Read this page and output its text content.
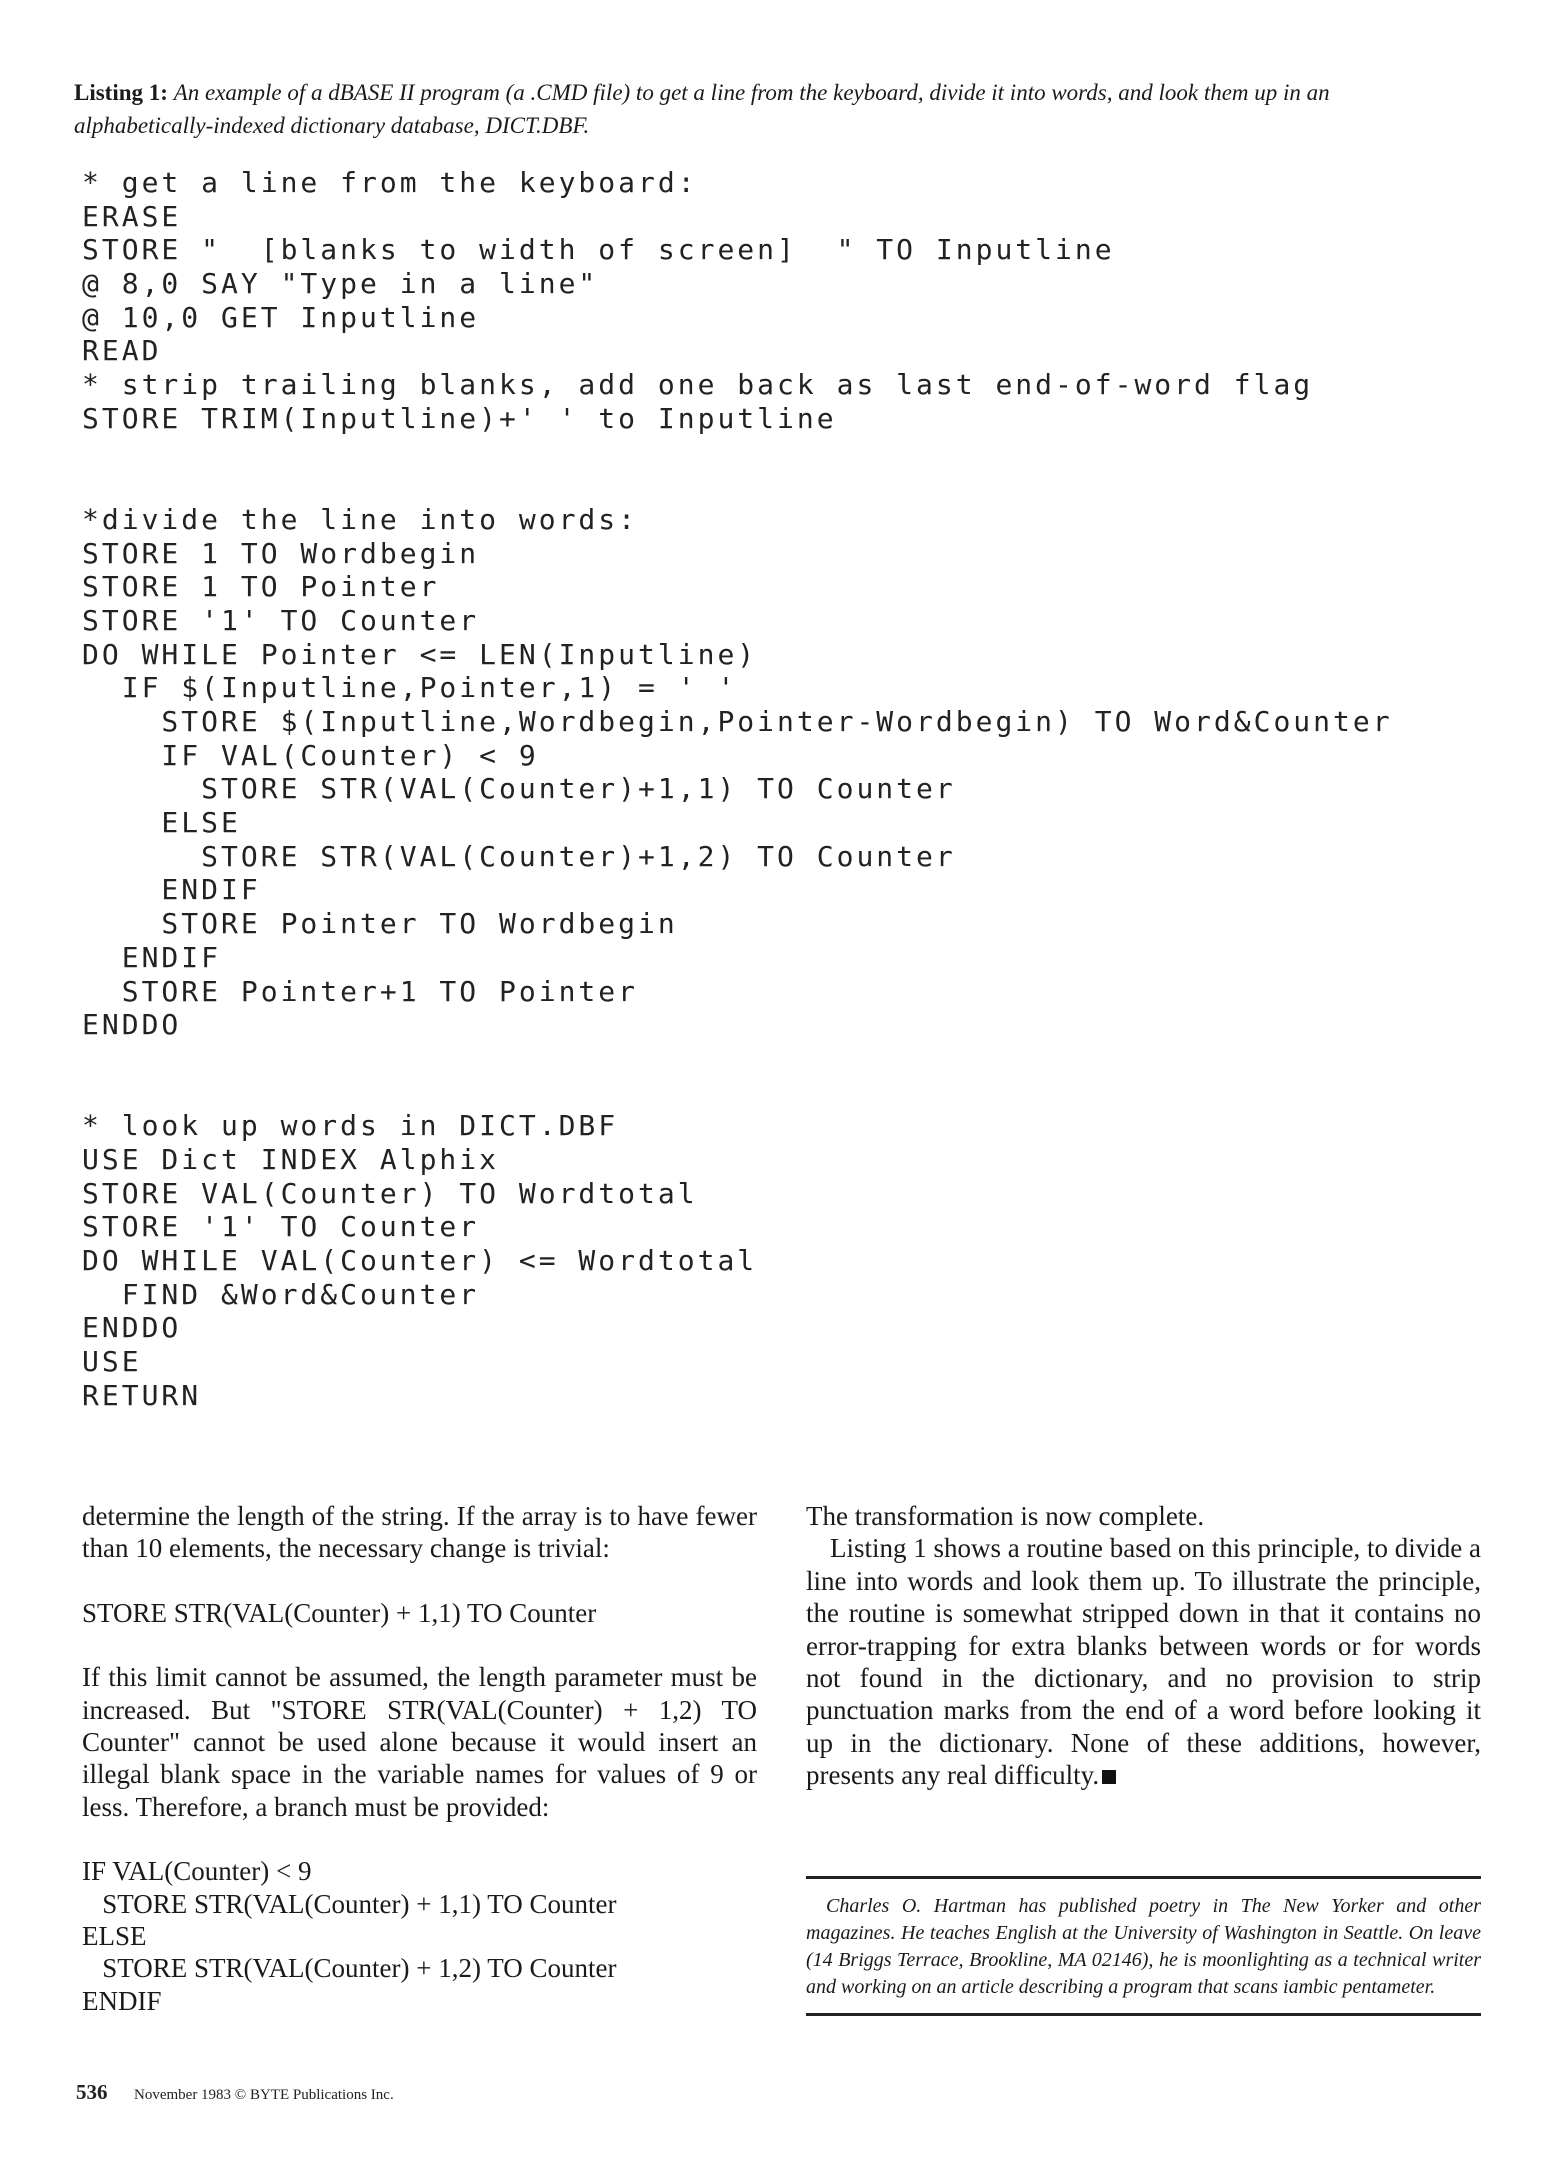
Listing 1: An example of a dBASE II program (a .CMD file) to get a line from the keyboard, divide it into words, and look them up in an alphabetically-indexed dictionary database, DICT.DBF.
* get a line from the keyboard:
ERASE
STORE "  [blanks to width of screen]  " TO Inputline
@ 8,0 SAY "Type in a line"
@ 10,0 GET Inputline
READ
* strip trailing blanks, add one back as last end-of-word flag
STORE TRIM(Inputline)+' ' to Inputline
*divide the line into words:
STORE 1 TO Wordbegin
STORE 1 TO Pointer
STORE '1' TO Counter
DO WHILE Pointer <= LEN(Inputline)
IF $(Inputline,Pointer,1) = ' '
STORE $(Inputline,Wordbegin,Pointer-Wordbegin) TO Word&Counter
IF VAL(Counter) < 9
STORE STR(VAL(Counter)+1,1) TO Counter
ELSE
STORE STR(VAL(Counter)+1,2) TO Counter
ENDIF
STORE Pointer TO Wordbegin
ENDIF
STORE Pointer+1 TO Pointer
ENDDO
* look up words in DICT.DBF
USE Dict INDEX Alphix
STORE VAL(Counter) TO Wordtotal
STORE '1' TO Counter
DO WHILE VAL(Counter) <= Wordtotal
FIND &Word&Counter
ENDDO
USE
RETURN

determine the length of the string. If the array is to have fewer than 10 elements, the necessary change is trivial:

STORE STR(VAL(Counter) + 1,1) TO Counter

If this limit cannot be assumed, the length parameter must be increased. But "STORE STR(VAL(Counter) + 1,2) TO Counter" cannot be used alone because it would insert an illegal blank space in the variable names for values of 9 or less. Therefore, a branch must be provided:

IF VAL(Counter) < 9

STORE STR(VAL(Counter) + 1,1) TO Counter

ELSE

STORE STR(VAL(Counter) + 1,2) TO Counter

ENDIF

The transformation is now complete.

Listing 1 shows a routine based on this principle, to divide a line into words and look them up. To illustrate the principle, the routine is somewhat stripped down in that it contains no error-trapping for extra blanks between words or for words not found in the dictionary, and no provision to strip punctuation marks from the end of a word before looking it up in the dictionary. None of these additions, however, presents any real difficulty.

Charles O. Hartman has published poetry in The New Yorker and other magazines. He teaches English at the University of Washington in Seattle. On leave (14 Briggs Terrace, Brookline, MA 02146), he is moonlighting as a technical writer and working on an article describing a program that scans iambic pentameter.
536 November 1983 © BYTE Publications Inc.
